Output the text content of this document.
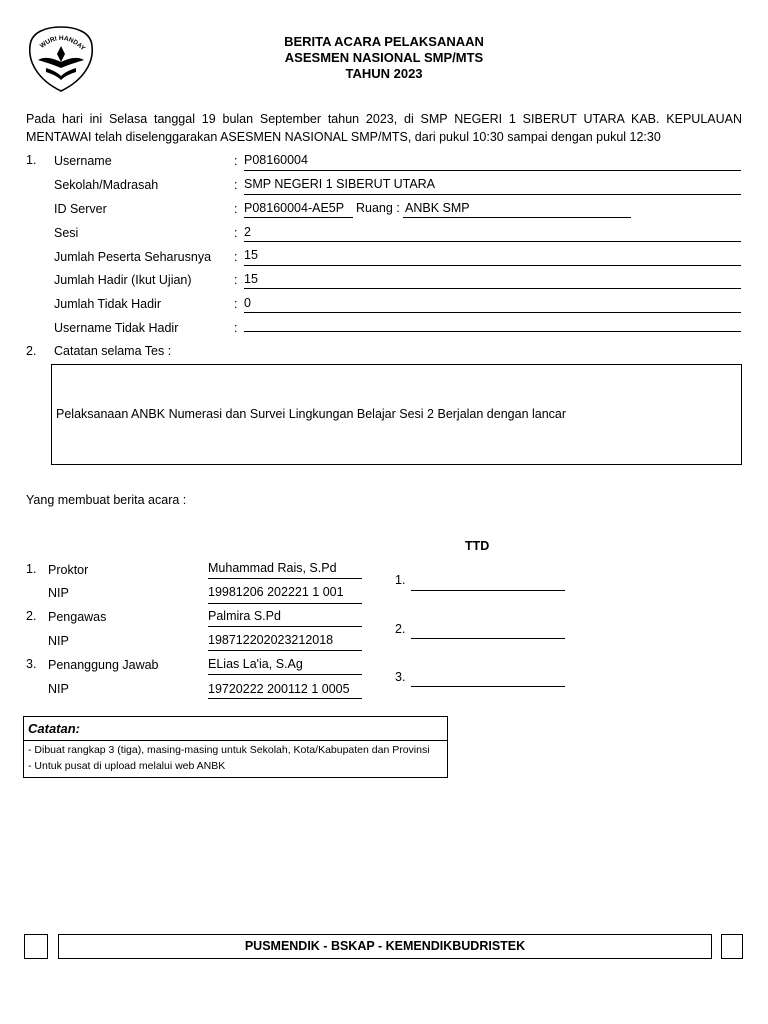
WURI HANDAY	BERITA ACARA PELAKSANAAN
ASESMEN NASIONAL SMP/MTS
TAHUN 2023
Pada hari ini Selasa tanggal 19 bulan September tahun 2023, di SMP NEGERI 1 SIBERUT UTARA KAB. KEPULAUAN MENTAWAI telah diselenggarakan ASESMEN NASIONAL SMP/MTS, dari pukul 10:30 sampai dengan pukul 12:30
1. Username	: P08160004
Sekolah/Madrasah	: SMP NEGERI 1 SIBERUT UTARA
ID Server	: P08160004-AE5P Ruang : ANBK SMP
Sesi	: 2
Jumlah Peserta Seharusnya : 15
Jumlah Hadir (Ikut Ujian)	: 15
Jumlah Tidak Hadir	: 0
Username Tidak Hadir	:
2. Catatan selama Tes :
Pelaksanaan ANBK Numerasi dan Survei Lingkungan Belajar Sesi 2 Berjalan dengan lancar
Yang membuat berita acara :
TTD
1. Proktor	Muhammad Rais, S.Pd
NIP	19981206 202221 1 001
1.
2. Pengawas	Palmira S.Pd
NIP	198712202023212018
2.
3. Penanggung Jawab	ELias La'ia, S.Ag
NIP	19720222 200112 1 0005
3.
Catatan:
- Dibuat rangkap 3 (tiga), masing-masing untuk Sekolah, Kota/Kabupaten dan Provinsi
- Untuk pusat di upload melalui web ANBK
PUSMENDIK - BSKAP - KEMENDIKBUDRISTEK
